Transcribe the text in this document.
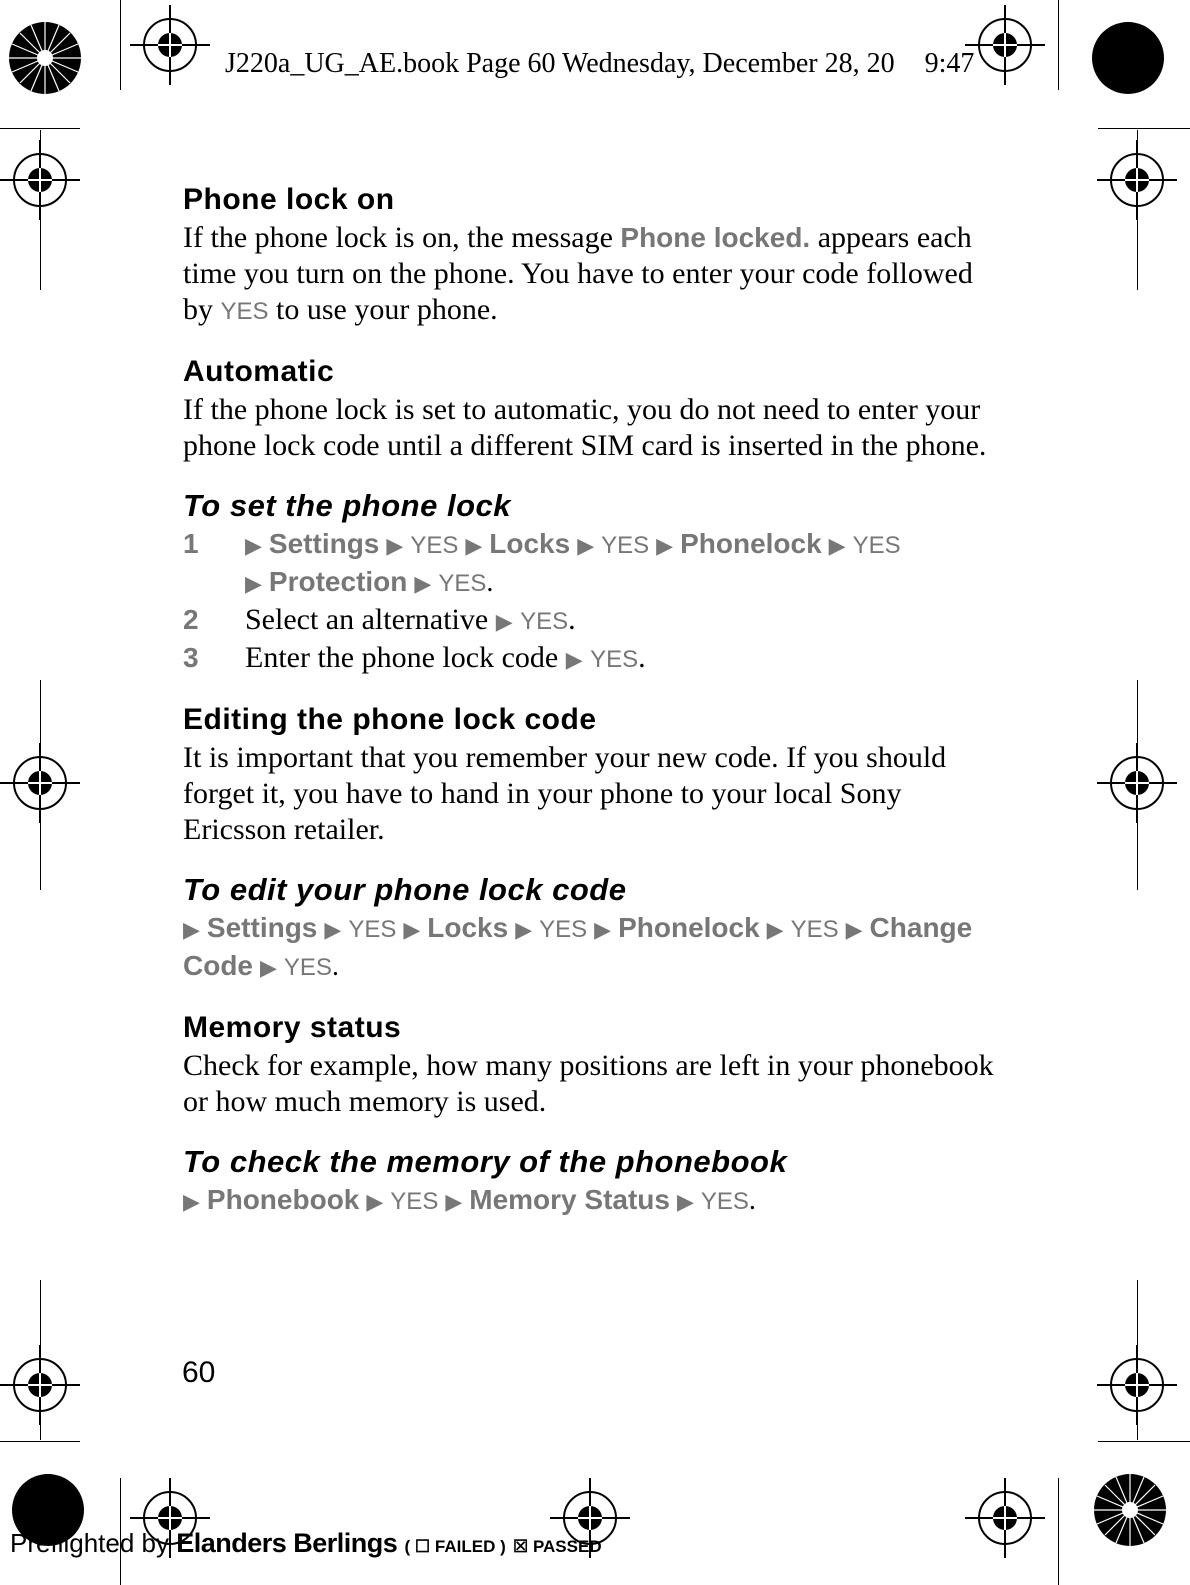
J220a_UG_AE.book Page 60 Wednesday, December 28, 20 9:47
Phone lock on

If the phone lock is on, the message Phone locked. appears each time you turn on the phone. You have to enter your code followed by YES to use your phone.

Automatic

If the phone lock is set to automatic, you do not need to enter your phone lock code until a different SIM card is inserted in the phone.

To set the phone lock
1	▶ Settings ▶ YES ▶ Locks ▶ YES ▶ Phonelock ▶ YES
▶ Protection ▶ YES.
2	Select an alternative ▶ YES.
3	Enter the phone lock code ▶ YES.
Editing the phone lock code

It is important that you remember your new code. If you should forget it, you have to hand in your phone to your local Sony Ericsson retailer.

To edit your phone lock code

▶ Settings ▶ YES ▶ Locks ▶ YES ▶ Phonelock ▶ YES ▶ Change Code ▶ YES.

Memory status

Check for example, how many positions are left in your phonebook or how much memory is used.

To check the memory of the phonebook

▶ Phonebook ▶ YES ▶ Memory Status ▶ YES.

60
Preflighted by Elanders Berlings ( ☐ FAILED ) ☒ PASSED
